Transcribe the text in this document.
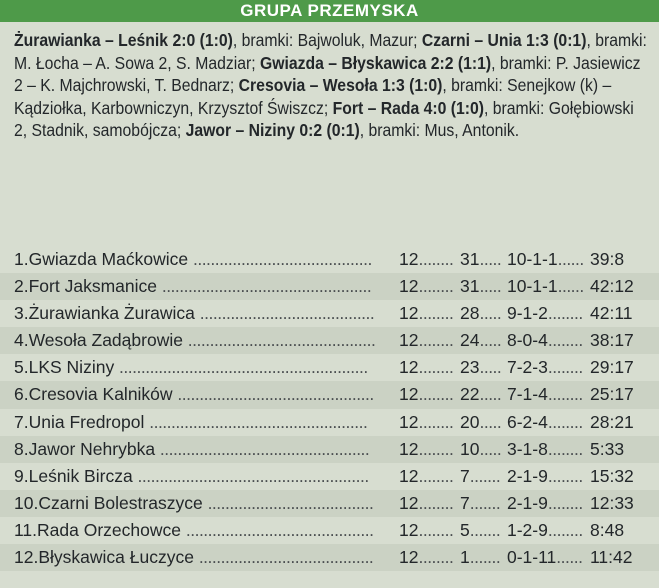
GRUPA PRZEMYSKA
Żurawianka – Leśnik 2:0 (1:0), bramki: Bajwoluk, Mazur; Czarni – Unia 1:3 (0:1), bramki: M. Łocha – A. Sowa 2, S. Madziar; Gwiazda – Błyskawica 2:2 (1:1), bramki: P. Jasiewicz 2 – K. Majchrowski, T. Bednarz; Cresovia – Wesoła 1:3 (1:0), bramki: Senejkow (k) – Kądziołka, Karbowniczyn, Krzysztof Świszcz; Fort – Rada 4:0 (1:0), bramki: Gołębiowski 2, Stadnik, samobójcza; Jawor – Niziny 0:2 (0:1), bramki: Mus, Antonik.
1. Gwiazda Maćkowice ......................................... 12 ........ 31 ..... 10-1-1 ...... 39:8
2. Fort Jaksmanice ................................................ 12 ........ 31 ..... 10-1-1 ...... 42:12
3. Żurawianka Żurawica ........................................ 12 ........ 28 ..... 9-1-2 ........ 42:11
4. Wesoła Zadąbrowie ........................................... 12 ........ 24 ..... 8-0-4 ........ 38:17
5. LKS Niziny ......................................................... 12 ........ 23 ..... 7-2-3 ........ 29:17
6. Cresovia Kalników ............................................. 12 ........ 22 ..... 7-1-4 ........ 25:17
7. Unia Fredropol .................................................. 12 ........ 20 ..... 6-2-4 ........ 28:21
8. Jawor Nehrybka ................................................ 12 ........ 10 ..... 3-1-8 ........ 5:33
9. Leśnik Bircza ..................................................... 12 ........ 7 ....... 2-1-9 ........ 15:32
10. Czarni Bolestraszyce ...................................... 12 ........ 7 ....... 2-1-9 ........ 12:33
11. Rada Orzechowce ........................................... 12 ........ 5 ....... 1-2-9 ........ 8:48
12. Błyskawica Łuczyce ........................................ 12 ........ 1 ....... 0-1-11 ...... 11:42
